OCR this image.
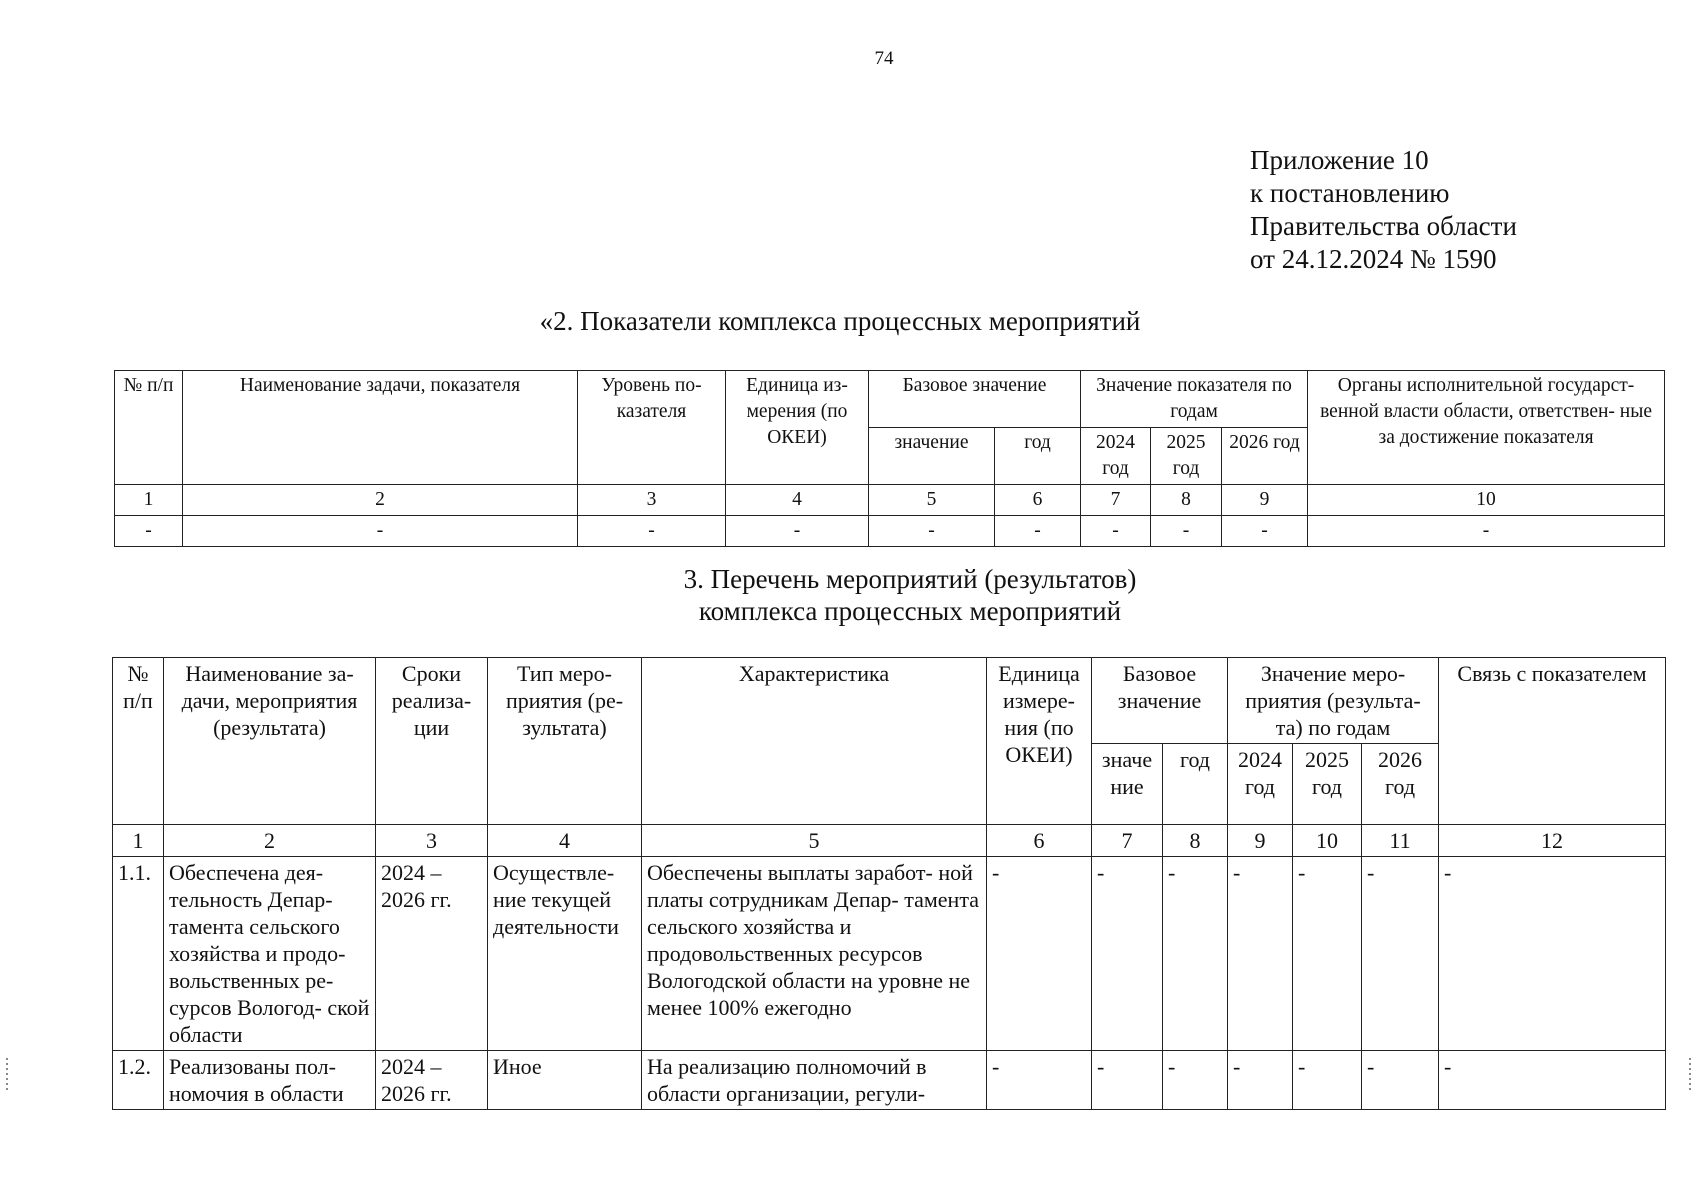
74
Приложение 10
к постановлению
Правительства области
от 24.12.2024 № 1590
«2. Показатели комплекса процессных мероприятий
№ п/п	Наименование задачи, показателя	Уровень по- казателя	Единица из- мерения (по ОКЕИ)	Базовое значение		Значение показателя по годам			Органы исполнительной государст- венной власти области, ответствен- ные за достижение показателя
				значение	год	2024 год	2025 год	2026 год	
1	2	3	4	5	6	7	8	9	10
-	-	-	-	-	-	-	-	-	-
3. Перечень мероприятий (результатов)
комплекса процессных мероприятий
№ п/п	Наименование за- дачи, мероприятия (результата)	Сроки реализа- ции	Тип меро- приятия (ре- зультата)	Характеристика	Единица измере- ния (по ОКЕИ)	Базовое значение		Значение меро- приятия (результа- та) по годам			Связь с показателем
						значе ние	год	2024 год	2025 год	2026 год	
1	2	3	4	5	6	7	8	9	10	11	12
1.1.	Обеспечена дея- тельность Депар- тамента сельского хозяйства и продо- вольственных ре- сурсов Вологод- ской области	2024 – 2026 гг.	Осуществле- ние текущей деятельности	Обеспечены выплаты заработ- ной платы сотрудникам Депар- тамента сельского хозяйства и продовольственных ресурсов Вологодской области на уровне не менее 100% ежегодно	-	-	-	-	-	-	-
1.2.	Реализованы пол- номочия в области	2024 – 2026 гг.	Иное	На реализацию полномочий в области организации, регули-	-	-	-	-	-	-	-
